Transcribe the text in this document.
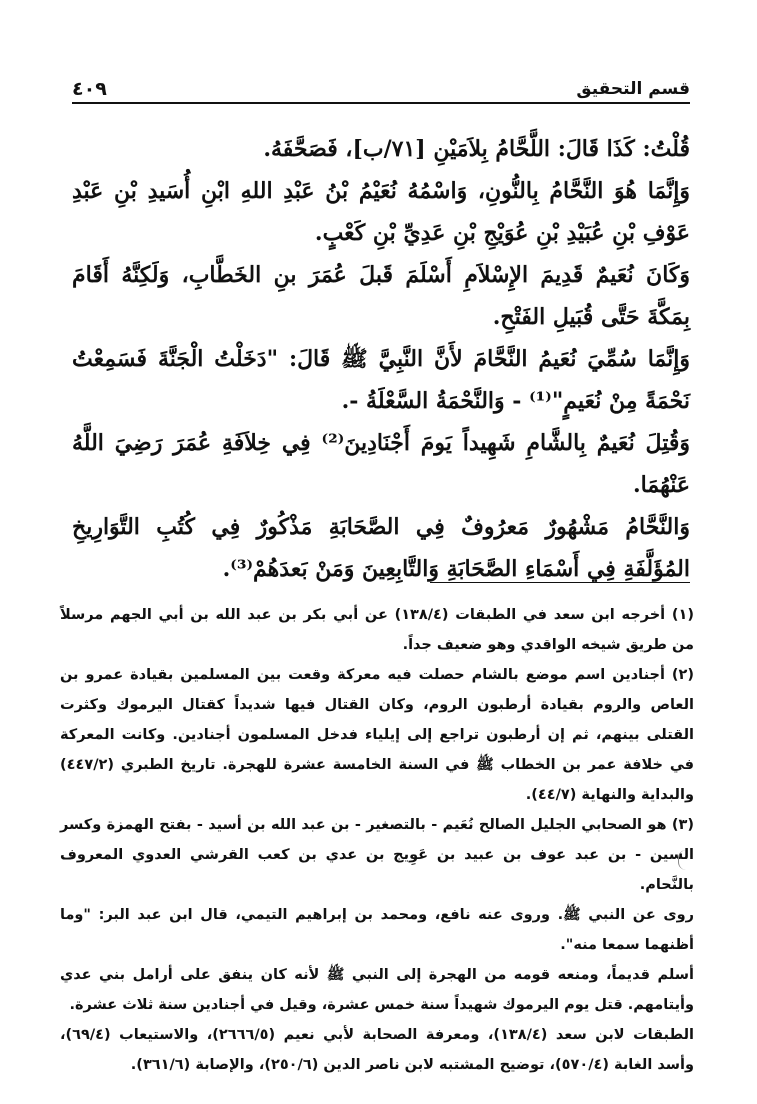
قسم التحقيق
٤٠٩

قُلْتُ: كَذَا قَالَ: اللَّحَّامُ بِلاَمَيْنِ [٧١/ب]، فَصَحَّفَهُ.

وَإِنَّمَا هُوَ النَّحَّامُ بِالنُّونِ، وَاسْمُهُ نُعَيْمُ بْنُ عَبْدِ اللهِ ابْنِ أُسَيدِ بْنِ عَبْدِ عَوْفِ بْنِ عُبَيْدِ بْنِ عُوَيْجِ بْنِ عَدِيِّ بْنِ كَعْبٍ.

وَكَانَ نُعَيمٌ قَدِيمَ الإِسْلاَمِ أَسْلَمَ قَبلَ عُمَرَ بنِ الخَطَّابِ، وَلَكِنَّهُ أَقَامَ بِمَكَّةَ حَتَّى قُبَيلِ الفَتْحِ.

وَإِنَّمَا سُمِّيَ نُعَيمُ النَّحَّامَ لأَنَّ النَّبِيَّ ﷺ قَالَ: "دَخَلْتُ الْجَنَّةَ فَسَمِعْتُ نَحْمَةً مِنْ نُعَيمٍ"⁽¹⁾ - وَالنَّحْمَةُ السَّعْلَةُ -.

وَقُتِلَ نُعَيمٌ بِالشَّامِ شَهِيداً يَومَ أَجْنَادِينَ⁽²⁾ فِي خِلاَفَةِ عُمَرَ رَضِيَ اللَّهُ عَنْهُمَا.

وَالنَّحَّامُ مَشْهُورٌ مَعرُوفٌ فِي الصَّحَابَةِ مَذْكُورٌ فِي كُتُبِ التَّوَارِيخِ المُؤَلَّفَةِ فِي أَسْمَاءِ الصَّحَابَةِ وَالتَّابِعِينَ وَمَنْ بَعدَهُمْ⁽³⁾.

(١) أخرجه ابن سعد في الطبقات (١٣٨/٤) عن أبي بكر بن عبد الله بن أبي الجهم مرسلاً من طريق شيخه الواقدي وهو ضعيف جداً.

(٢) أجنادين اسم موضع بالشام حصلت فيه معركة وقعت بين المسلمين بقيادة عمرو بن العاص والروم بقيادة أرطبون الروم، وكان القتال فيها شديداً كقتال اليرموك وكثرت القتلى بينهم، ثم إن أرطبون تراجع إلى إيلياء فدخل المسلمون أجنادين. وكانت المعركة في خلافة عمر بن الخطاب ﷺ في السنة الخامسة عشرة للهجرة. تاريخ الطبري (٤٤٧/٢) والبداية والنهاية (٤٤/٧).

(٣) هو الصحابي الجليل الصالح نُعَيم - بالتصغير - بن عبد الله بن أسيد - بفتح الهمزة وكسر السين - بن عبد عوف بن عبيد بن عَوِيج بن عدي بن كعب القرشي العدوي المعروف بالنَّحام.

روى عن النبي ﷺ. وروى عنه نافع، ومحمد بن إبراهيم التيمي، قال ابن عبد البر: "وما أظنهما سمعا منه".

أسلم قديماً، ومنعه قومه من الهجرة إلى النبي ﷺ لأنه كان ينفق على أرامل بني عدي وأيتامهم. قتل يوم اليرموك شهيداً سنة خمس عشرة، وقيل في أجنادين سنة ثلاث عشرة.

الطبقات لابن سعد (١٣٨/٤)، ومعرفة الصحابة لأبي نعيم (٢٦٦٦/٥)، والاستيعاب (٦٩/٤)، وأسد الغابة (٥٧٠/٤)، توضيح المشتبه لابن ناصر الدين (٢٥٠/٦)، والإصابة (٣٦١/٦).
